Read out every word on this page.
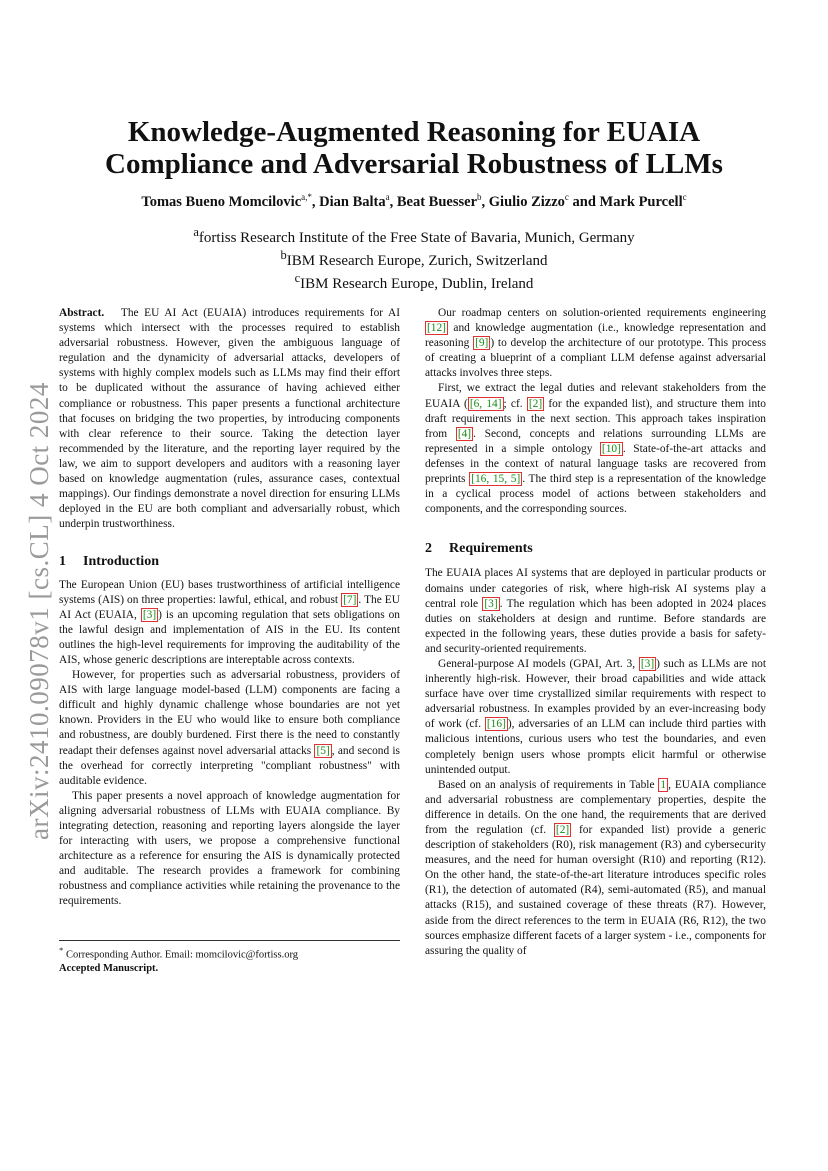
arXiv:2410.09078v1 [cs.CL] 4 Oct 2024
Knowledge-Augmented Reasoning for EUAIA
Compliance and Adversarial Robustness of LLMs
Tomas Bueno Momcilovic$^{a,*}$, Dian Balta$^a$, Beat Buesser$^b$, Giulio Zizzo$^c$ and Mark Purcell$^c$
$^a$fortiss Research Institute of the Free State of Bavaria, Munich, Germany
$^b$IBM Research Europe, Zurich, Switzerland
$^c$IBM Research Europe, Dublin, Ireland

Abstract. The EU AI Act (EUAIA) introduces requirements for AI systems which intersect with the processes required to establish adversarial robustness. However, given the ambiguous language of regulation and the dynamicity of adversarial attacks, developers of systems with highly complex models such as LLMs may find their effort to be duplicated without the assurance of having achieved either compliance or robustness. This paper presents a functional architecture that focuses on bridging the two properties, by introducing components with clear reference to their source. Taking the detection layer recommended by the literature, and the reporting layer required by the law, we aim to support developers and auditors with a reasoning layer based on knowledge augmentation (rules, assurance cases, contextual mappings). Our findings demonstrate a novel direction for ensuring LLMs deployed in the EU are both compliant and adversarially robust, which underpin trustworthiness.

1 Introduction

The European Union (EU) bases trustworthiness of artificial intelligence systems (AIS) on three properties: lawful, ethical, and robust [7] . The EU AI Act (EUAIA, [3] ) is an upcoming regulation that sets obligations on the lawful design and implementation of AIS in the EU. Its content outlines the high-level requirements for improving the auditability of the AIS, whose generic descriptions are intereptable across contexts.

However, for properties such as adversarial robustness, providers of AIS with large language model-based (LLM) components are facing a difficult and highly dynamic challenge whose boundaries are not yet known. Providers in the EU who would like to ensure both compliance and robustness, are doubly burdened. First there is the need to constantly readapt their defenses against novel adversarial attacks [5] , and second is the overhead for correctly interpreting "compliant robustness" with auditable evidence.

This paper presents a novel approach of knowledge augmentation for aligning adversarial robustness of LLMs with EUAIA compliance. By integrating detection, reasoning and reporting layers alongside the layer for interacting with users, we propose a comprehensive functional architecture as a reference for ensuring the AIS is dynamically protected and auditable. The research provides a framework for combining robustness and compliance activities while retaining the provenance to the requirements.

* Corresponding Author. Email: momcilovic@fortiss.org
Accepted Manuscript.

Our roadmap centers on solution-oriented requirements engineering [12] and knowledge augmentation (i.e., knowledge representation and reasoning [9] ) to develop the architecture of our prototype. This process of creating a blueprint of a compliant LLM defense against adversarial attacks involves three steps.

First, we extract the legal duties and relevant stakeholders from the EUAIA ( [6, 14] ; cf. [2] for the expanded list), and structure them into draft requirements in the next section. This approach takes inspiration from [4] . Second, concepts and relations surrounding LLMs are represented in a simple ontology [10] . State-of-the-art attacks and defenses in the context of natural language tasks are recovered from preprints [16, 15, 5] . The third step is a representation of the knowledge in a cyclical process model of actions between stakeholders and components, and the corresponding sources.

2 Requirements

The EUAIA places AI systems that are deployed in particular products or domains under categories of risk, where high-risk AI systems play a central role [3] . The regulation which has been adopted in 2024 places duties on stakeholders at design and runtime. Before standards are expected in the following years, these duties provide a basis for safety- and security-oriented requirements.

General-purpose AI models (GPAI, Art. 3, [3] ) such as LLMs are not inherently high-risk. However, their broad capabilities and wide attack surface have over time crystallized similar requirements with respect to adversarial robustness. In examples provided by an ever-increasing body of work (cf. [16] ), adversaries of an LLM can include third parties with malicious intentions, curious users who test the boundaries, and even completely benign users whose prompts elicit harmful or otherwise unintended output.

Based on an analysis of requirements in Table 1 , EUAIA compliance and adversarial robustness are complementary properties, despite the difference in details. On the one hand, the requirements that are derived from the regulation (cf. [2] for expanded list) provide a generic description of stakeholders (R0), risk management (R3) and cybersecurity measures, and the need for human oversight (R10) and reporting (R12). On the other hand, the state-of-the-art literature introduces specific roles (R1), the detection of automated (R4), semi-automated (R5), and manual attacks (R15), and sustained coverage of these threats (R7). However, aside from the direct references to the term in EUAIA (R6, R12), the two sources emphasize different facets of a larger system - i.e., components for assuring the quality of
